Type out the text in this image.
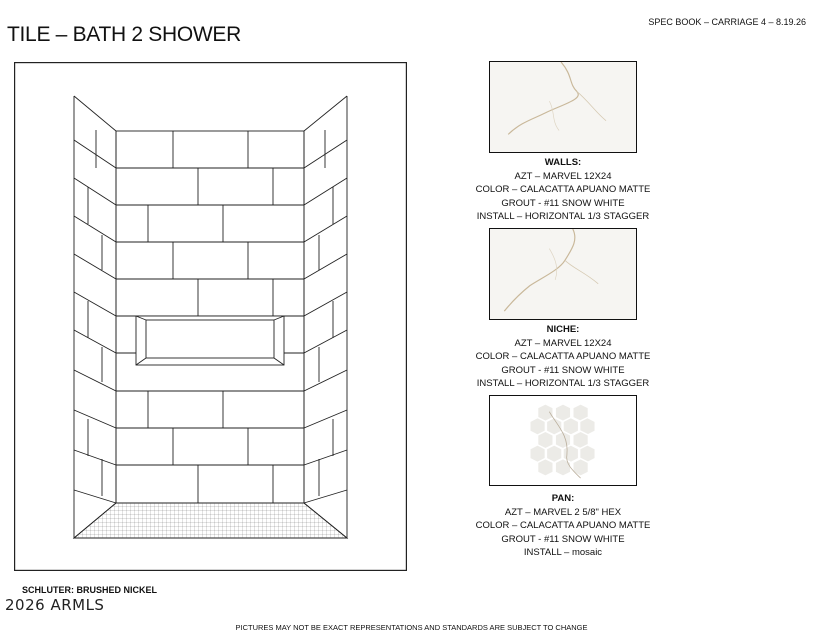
TILE – BATH 2 SHOWER
SPEC BOOK – CARRIAGE 4 – 8.19.26
WALLS:
AZT – MARVEL 12X24
COLOR – CALACATTA APUANO MATTE
GROUT - #11 SNOW WHITE
INSTALL – HORIZONTAL 1/3 STAGGER
NICHE:
AZT – MARVEL 12X24
COLOR – CALACATTA APUANO MATTE
GROUT - #11 SNOW WHITE
INSTALL – HORIZONTAL 1/3 STAGGER
PAN:
AZT – MARVEL 2 5/8" HEX
COLOR – CALACATTA APUANO MATTE
GROUT - #11 SNOW WHITE
INSTALL – mosaic
SCHLUTER: BRUSHED NICKEL
2026 ARMLS
PICTURES MAY NOT BE EXACT REPRESENTATIONS AND STANDARDS ARE SUBJECT TO CHANGE
